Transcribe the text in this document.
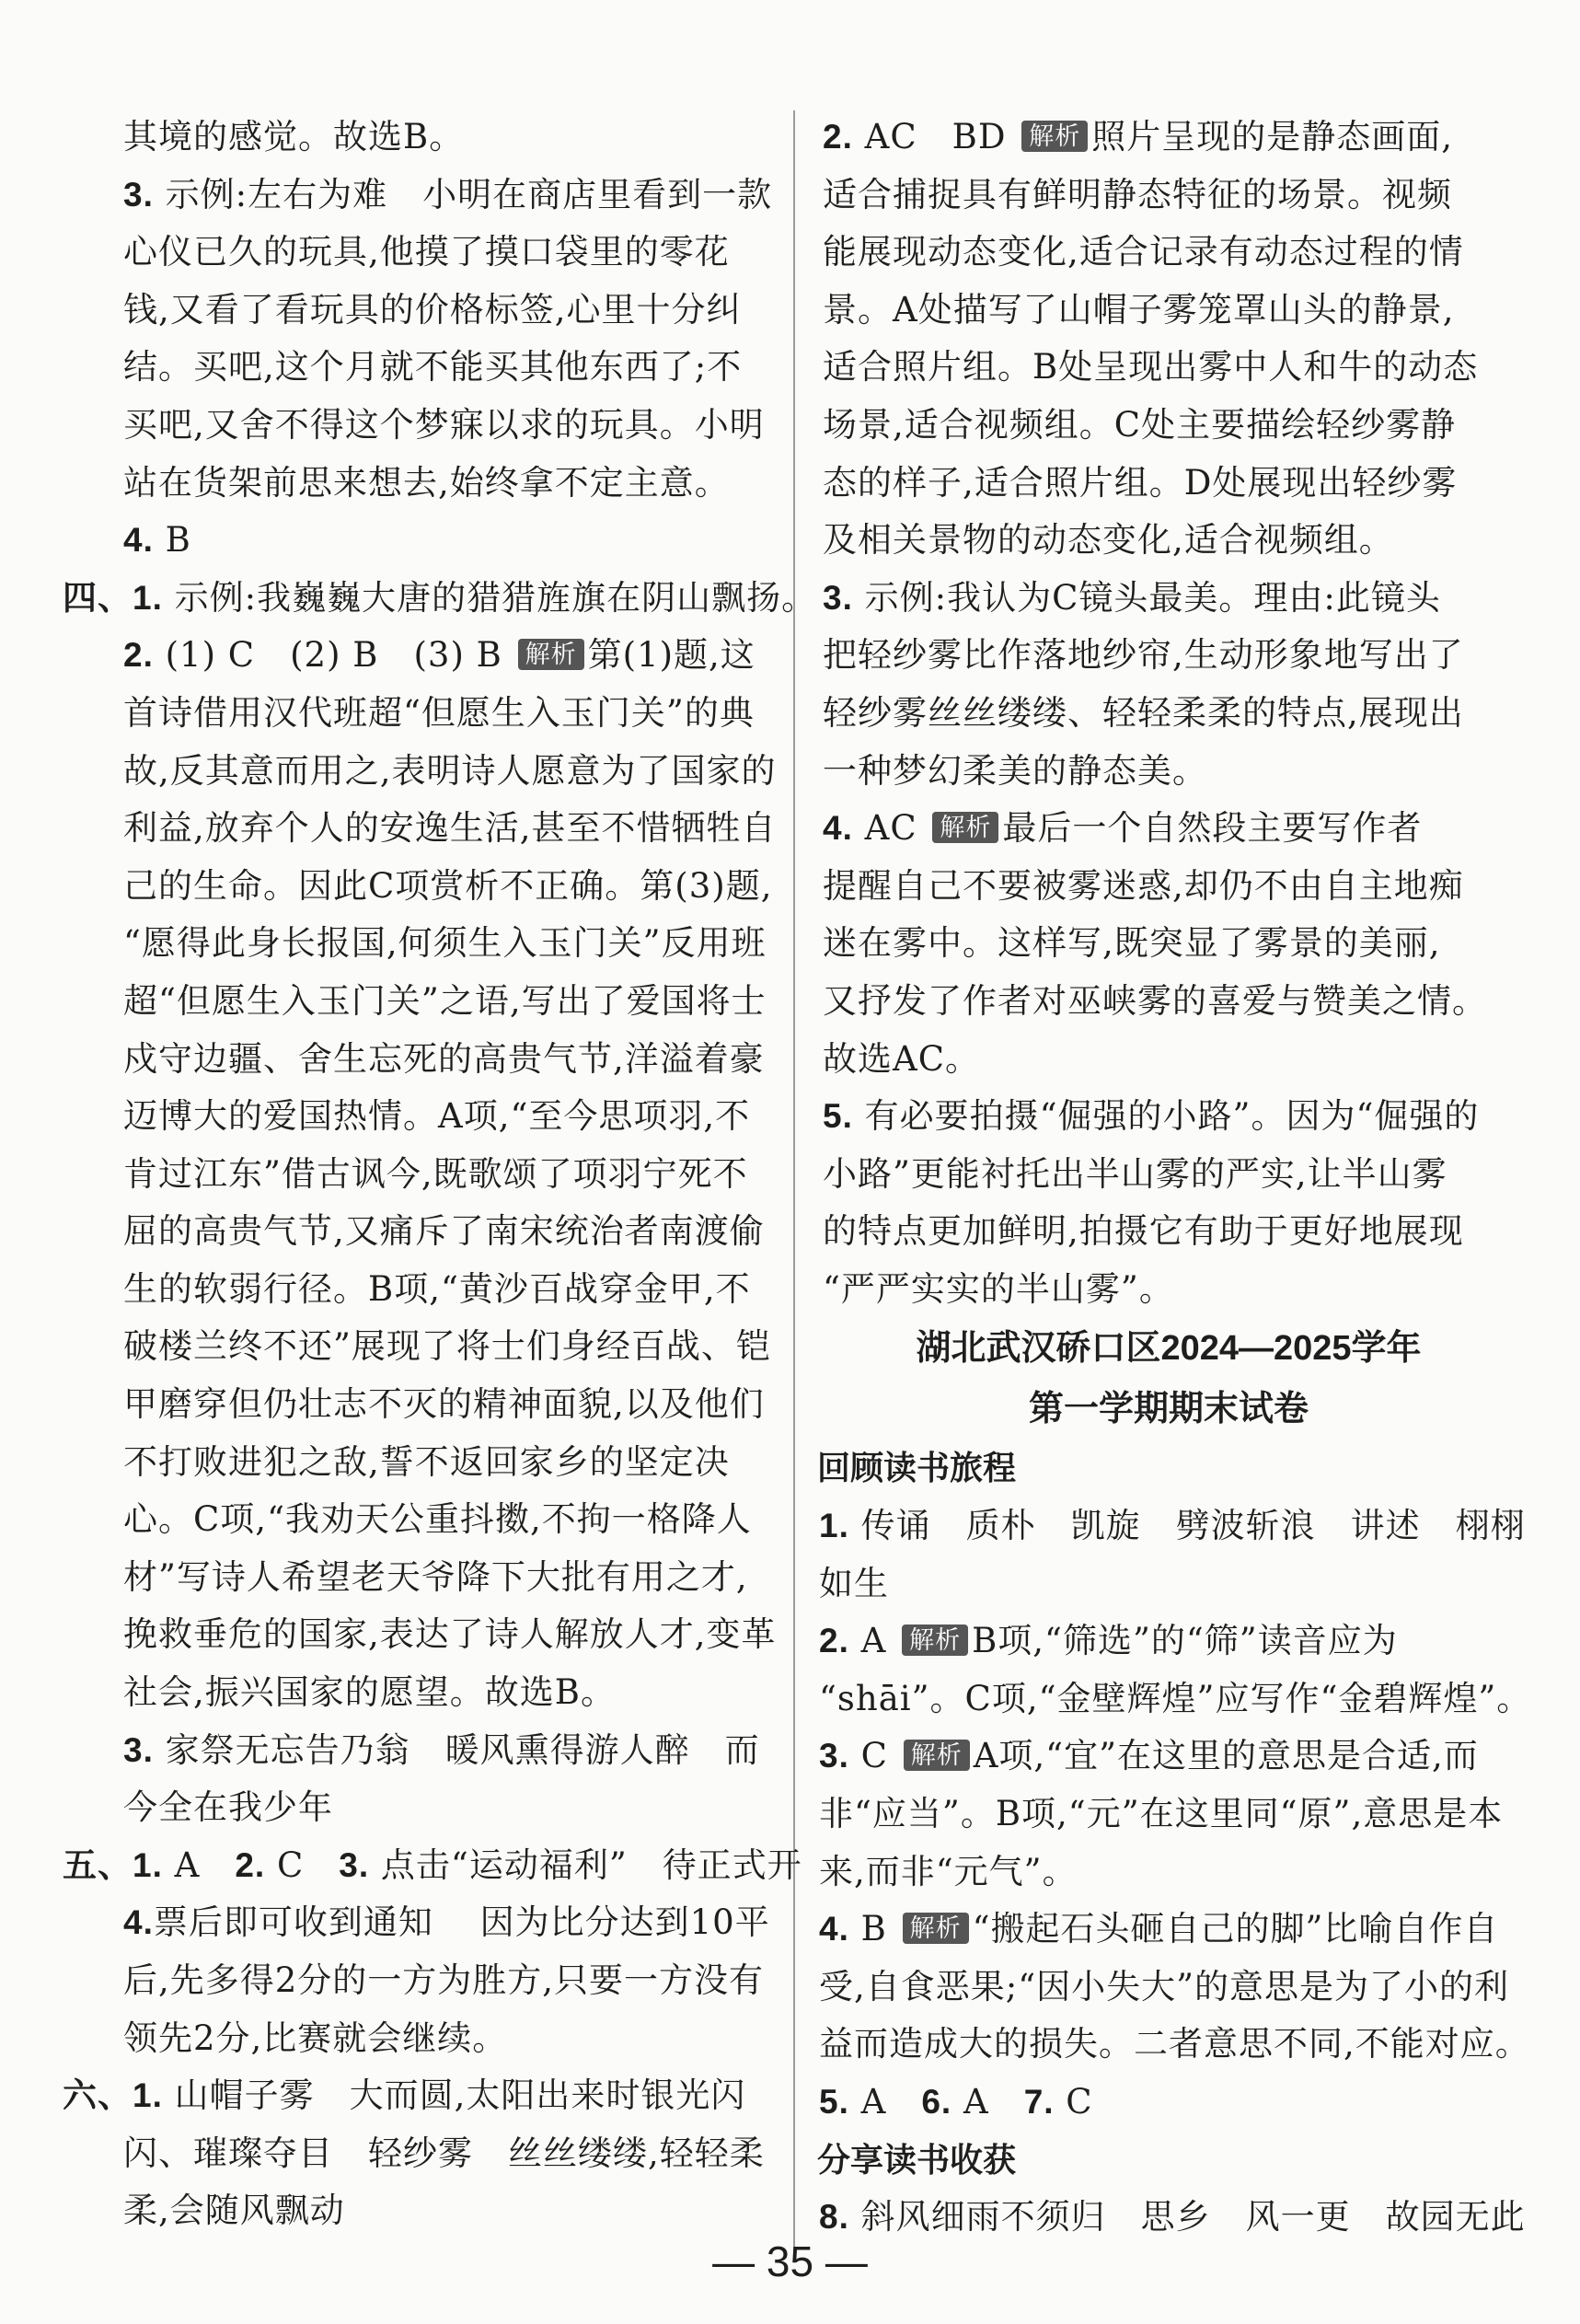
其境的感觉。故选B。
3. 示例:左右为难　小明在商店里看到一款
心仪已久的玩具,他摸了摸口袋里的零花
钱,又看了看玩具的价格标签,心里十分纠
结。买吧,这个月就不能买其他东西了;不
买吧,又舍不得这个梦寐以求的玩具。小明
站在货架前思来想去,始终拿不定主意。
4. B
四、1. 示例:我巍巍大唐的猎猎旌旗在阴山飘扬。
2. (1) C　(2) B　(3) B 解析 第(1)题,这
首诗借用汉代班超“但愿生入玉门关”的典
故,反其意而用之,表明诗人愿意为了国家的
利益,放弃个人的安逸生活,甚至不惜牺牲自
己的生命。因此C项赏析不正确。第(3)题,
“愿得此身长报国,何须生入玉门关”反用班
超“但愿生入玉门关”之语,写出了爱国将士
戍守边疆、舍生忘死的高贵气节,洋溢着豪
迈博大的爱国热情。A项,“至今思项羽,不
肯过江东”借古讽今,既歌颂了项羽宁死不
屈的高贵气节,又痛斥了南宋统治者南渡偷
生的软弱行径。B项,“黄沙百战穿金甲,不
破楼兰终不还”展现了将士们身经百战、铠
甲磨穿但仍壮志不灭的精神面貌,以及他们
不打败进犯之敌,誓不返回家乡的坚定决
心。C项,“我劝天公重抖擞,不拘一格降人
材”写诗人希望老天爷降下大批有用之才,
挽救垂危的国家,表达了诗人解放人才,变革
社会,振兴国家的愿望。故选B。
3. 家祭无忘告乃翁　暖风熏得游人醉　而
今全在我少年
五、1. A　2. C　3. 点击“运动福利”　待正式开
4.票后即可收到通知　 因为比分达到10平
后,先多得2分的一方为胜方,只要一方没有
领先2分,比赛就会继续。
六、1. 山帽子雾　大而圆,太阳出来时银光闪
闪、璀璨夺目　轻纱雾　丝丝缕缕,轻轻柔
柔,会随风飘动
2. AC　BD 解析 照片呈现的是静态画面,
适合捕捉具有鲜明静态特征的场景。视频
能展现动态变化,适合记录有动态过程的情
景。A处描写了山帽子雾笼罩山头的静景,
适合照片组。B处呈现出雾中人和牛的动态
场景,适合视频组。C处主要描绘轻纱雾静
态的样子,适合照片组。D处展现出轻纱雾
及相关景物的动态变化,适合视频组。
3. 示例:我认为C镜头最美。理由:此镜头
把轻纱雾比作落地纱帘,生动形象地写出了
轻纱雾丝丝缕缕、轻轻柔柔的特点,展现出
一种梦幻柔美的静态美。
4. AC 解析 最后一个自然段主要写作者
提醒自己不要被雾迷惑,却仍不由自主地痴
迷在雾中。这样写,既突显了雾景的美丽,
又抒发了作者对巫峡雾的喜爱与赞美之情。
故选AC。
5. 有必要拍摄“倔强的小路”。因为“倔强的
小路”更能衬托出半山雾的严实,让半山雾
的特点更加鲜明,拍摄它有助于更好地展现
“严严实实的半山雾”。
湖北武汉硚口区2024—2025学年
第一学期期末试卷
回顾读书旅程
1. 传诵　质朴　凯旋　劈波斩浪　讲述　栩栩
如生
2. A 解析 B项,“筛选”的“筛”读音应为
“shāi”。C项,“金壁辉煌”应写作“金碧辉煌”。
3. C 解析 A项,“宜”在这里的意思是合适,而
非“应当”。B项,“元”在这里同“原”,意思是本
来,而非“元气”。
4. B 解析 “搬起石头砸自己的脚”比喻自作自
受,自食恶果;“因小失大”的意思是为了小的利
益而造成大的损失。二者意思不同,不能对应。
5. A　6. A　7. C
分享读书收获
8. 斜风细雨不须归　思乡　风一更　故园无此
— 35 —
